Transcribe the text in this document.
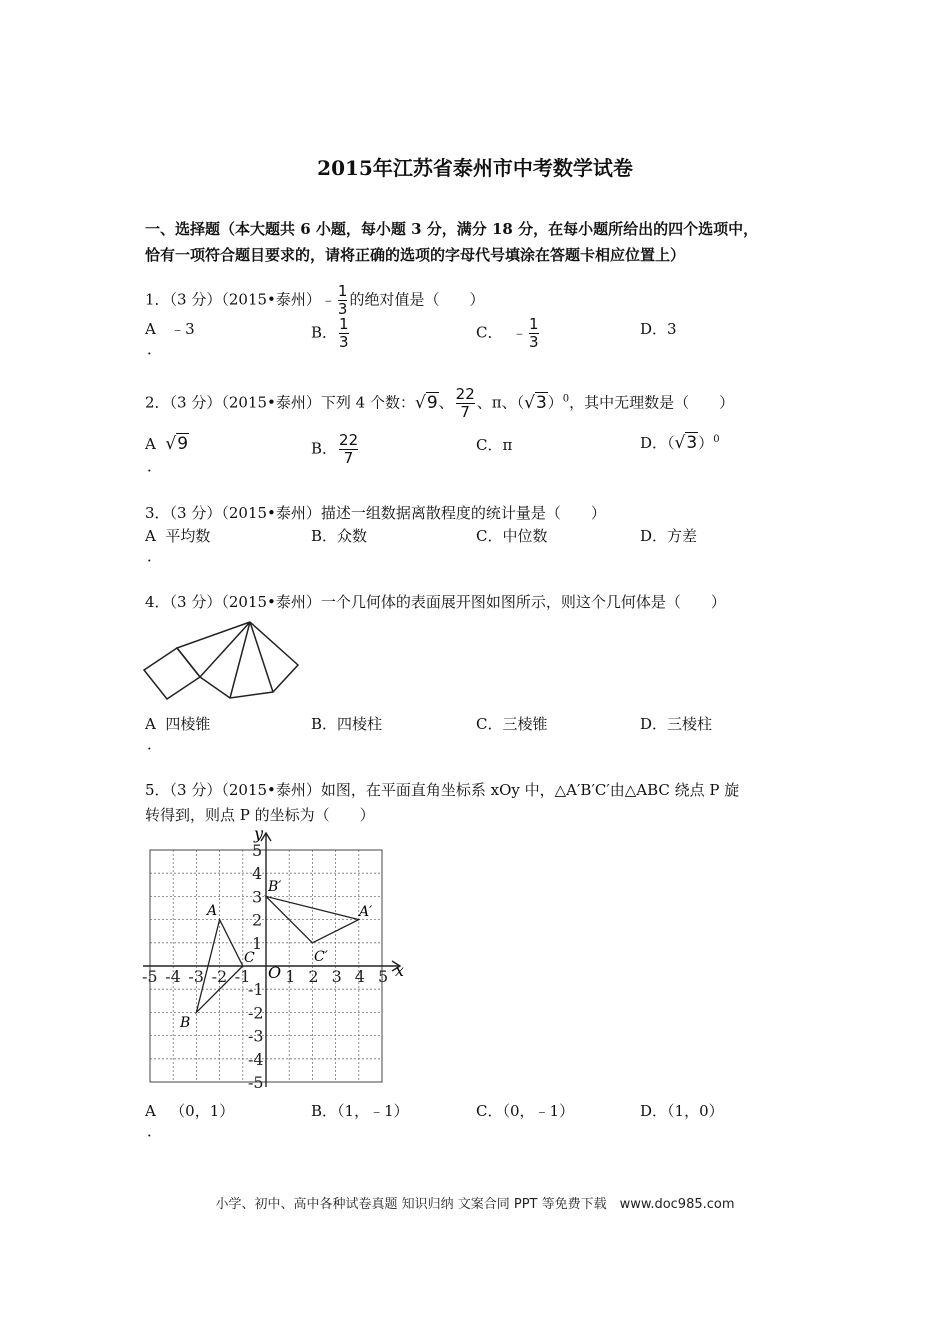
2015年江苏省泰州市中考数学试卷
一、选择题（本大题共 6 小题，每小题 3 分，满分 18 分，在每小题所给出的四个选项中，
恰有一项符合题目要求的，请将正确的选项的字母代号填涂在答题卡相应位置上）
1．（3 分）（2015•泰州）﹣ $\frac{1}{3}$ 的绝对值是（　　）
A ﹣3
．
B． $\frac{1}{3}$	C． ﹣ $\frac{1}{3}$	D．3
2．（3 分）（2015•泰州）下列 4 个数：√9、 $\frac{22}{7}$ 、π、$(√3)^0$，其中无理数是（　　）
A √9
．
B． $\frac{22}{7}$	C．π	D．$(√3)^0$
3．（3 分）（2015•泰州）描述一组数据离散程度的统计量是（　　）
A 平均数
．
B．众数	C．中位数	D．方差
4．（3 分）（2015•泰州）一个几何体的表面展开图如图所示，则这个几何体是（　　）
A 四棱锥
．
B．四棱柱	C．三棱锥	D．三棱柱
5．（3 分）（2015•泰州）如图，在平面直角坐标系 xOy 中，△A′B′C′由△ABC 绕点 P 旋
转得到，则点 P 的坐标为（　　）
-5 -4 -3 -2 -1 1 2 3 4 5
5
4
3
2
1
-1
-2
-3
-4
-5
y
x
O
A
B
C
A′
B′
C′
A （0，1）
．
B．（1，﹣1）	C．（0，﹣1）	D．（1，0）
小学、初中、高中各种试卷真题 知识归纳 文案合同 PPT 等免费下载　www.doc985.com
